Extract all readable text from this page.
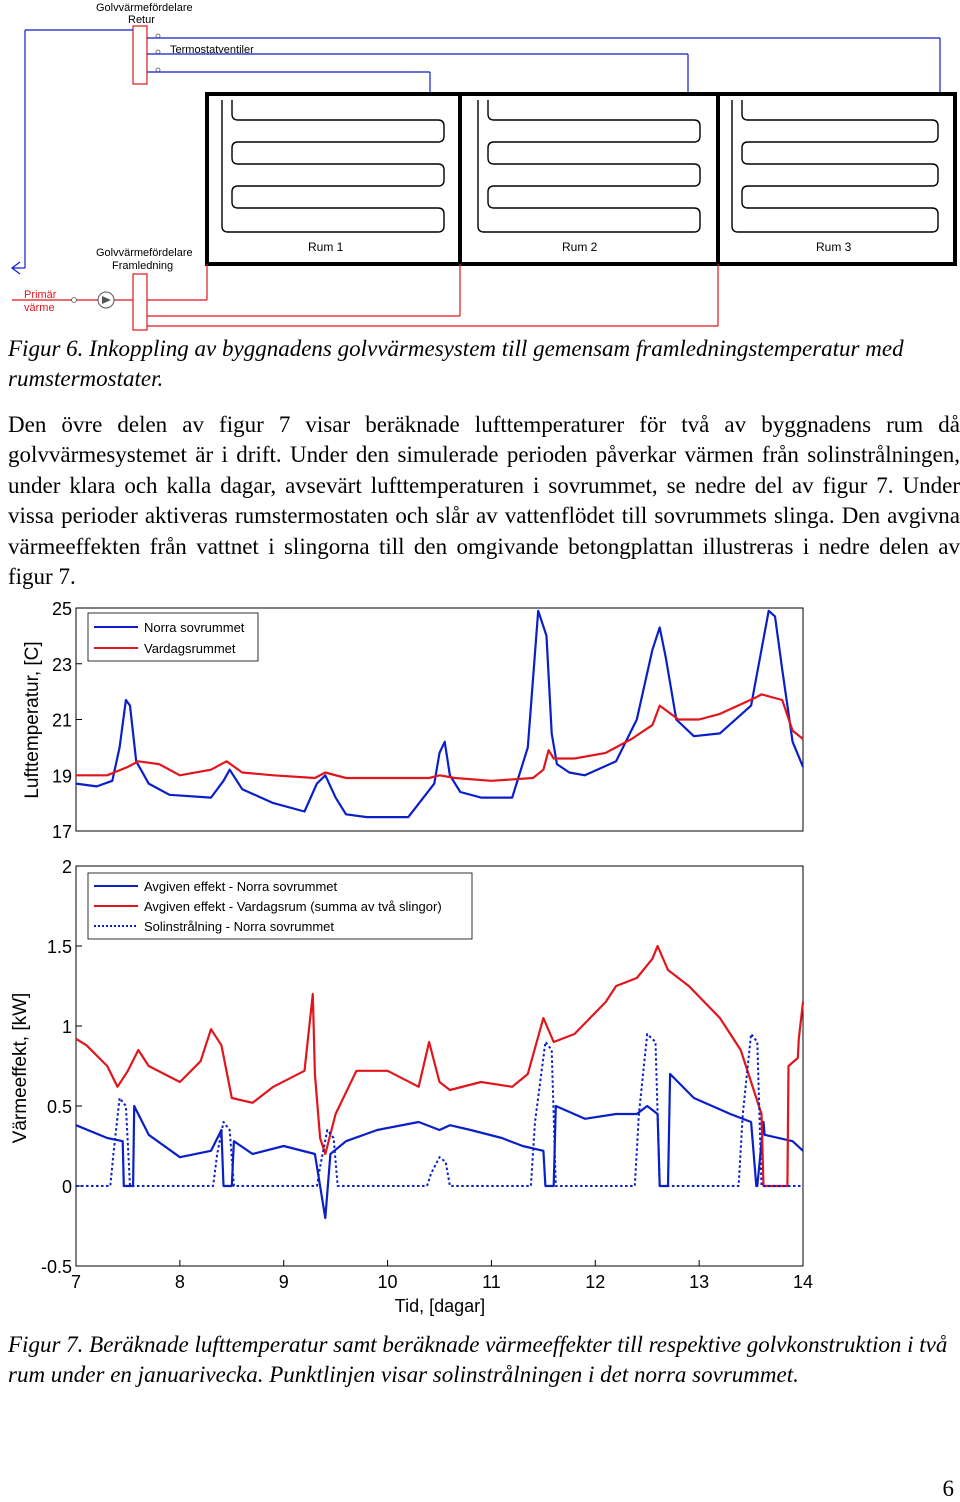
Golvvärmefördelare
Retur
Termostatventiler
Rum 1	Rum 2	Rum 3
Golvvärmefördelare
Framledning
Primär
värme

Figur 6. Inkoppling av byggnadens golvvärmesystem till gemensam framledningstemperatur med rumstermostater.

Den övre delen av figur 7 visar beräknade lufttemperaturer för två av byggnadens rum då golvvärmesystemet är i drift. Under den simulerade perioden påverkar värmen från solinstrålningen, under klara och kalla dagar, avsevärt lufttemperaturen i sovrummet, se nedre del av figur 7. Under vissa perioder aktiveras rumstermostaten och slår av vattenflödet till sovrummets slinga. Den avgivna värmeeffekten från vattnet i slingorna till den omgivande betongplattan illustreras i nedre delen av figur 7.

17
19
21
23
25
Norra sovrummet
Vardagsrummet
Lufttemperatur, [C]
-0.5
0
0.5
1
1.5
2
7	8	9	10	11	12	13	14
Avgiven effekt - Norra sovrummet
Avgiven effekt - Vardagsrum (summa av två slingor)
Solinstrålning - Norra sovrummet
Värmeeffekt, [kW]
Tid, [dagar]

Figur 7. Beräknade lufttemperatur samt beräknade värmeeffekter till respektive golvkonstruktion i två rum under en januarivecka. Punktlinjen visar solinstrålningen i det norra sovrummet.

6
